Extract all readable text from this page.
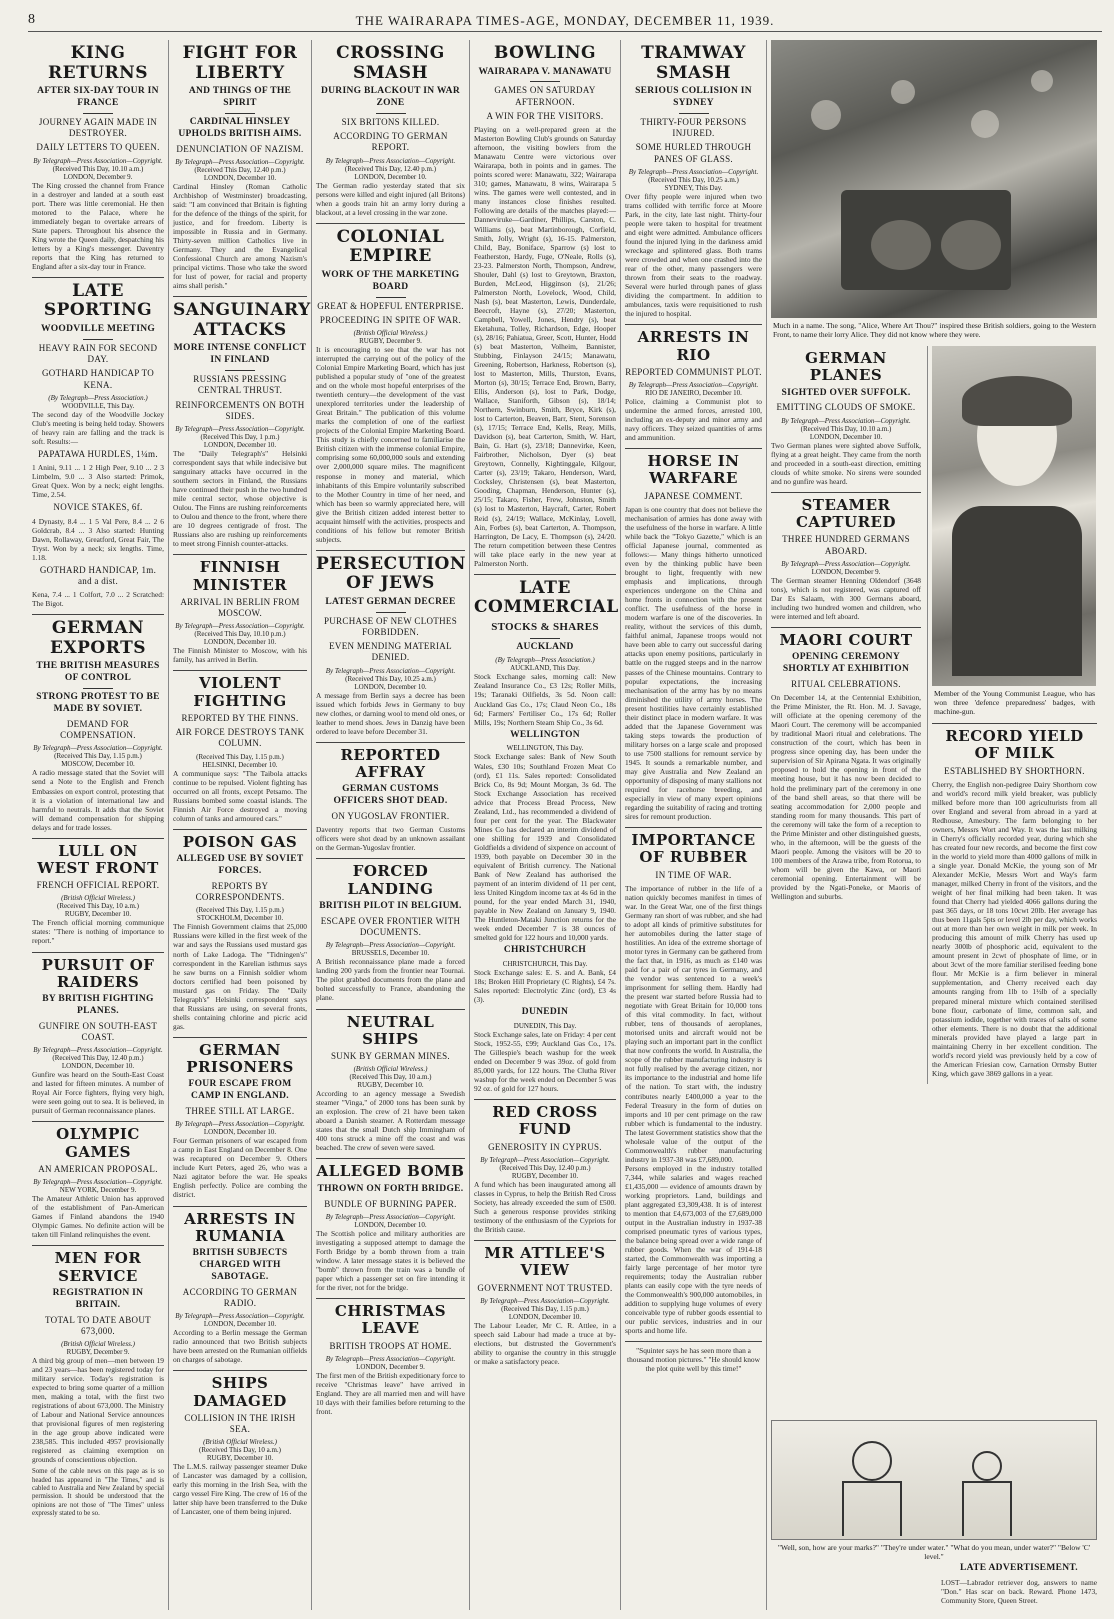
8	THE WAIRARAPA TIMES-AGE, MONDAY, DECEMBER 11, 1939.
KING RETURNS
AFTER SIX-DAY TOUR IN FRANCE
JOURNEY AGAIN MADE IN DESTROYER.
DAILY LETTERS TO QUEEN.
By Telegraph—Press Association—Copyright.
(Received This Day, 10.10 a.m.)
LONDON, December 9.
The King crossed the channel from France in a destroyer and landed at a south east port. There was little ceremonial. He then motored to the Palace, where he immediately began to overtake arrears of State papers. Throughout his absence the King wrote the Queen daily, despatching his letters by a King's messenger. Daventry reports that the King has returned to England after a six-day tour in France.
LATE SPORTING
WOODVILLE MEETING
HEAVY RAIN FOR SECOND DAY.
GOTHARD HANDICAP TO KENA.
(By Telegraph—Press Association.)
WOODVILLE, This Day.
The second day of the Woodville Jockey Club's meeting is being held today. Showers of heavy rain are falling and the track is soft. Results:—
PAPATAWA HURDLES, 1¼m.
1 Anini, 9.11 ... 1 2 High Peer, 9.10 ... 2 3 Limbelm, 9.0 ... 3 Also started: Primok, Great Quex. Won by a neck; eight lengths. Time, 2.54.
NOVICE STAKES, 6f.
4 Dynasty, 8.4 ... 1 5 Val Pere, 8.4 ... 2 6 Goldcrab, 8.4 ... 3 Also started: Hunting Dawn, Rollaway, Greatford, Great Fair, The Tryst. Won by a neck; six lengths. Time, 1.18.
GOTHARD HANDICAP, 1m. and a dist.
Kena, 7.4 ... 1 Colfort, 7.0 ... 2 Scratched: The Bigot.
GERMAN EXPORTS
THE BRITISH MEASURES OF CONTROL
STRONG PROTEST TO BE MADE BY SOVIET.
DEMAND FOR COMPENSATION.
By Telegraph—Press Association—Copyright.
(Received This Day, 1.15 p.m.)
MOSCOW, December 10.
A radio message stated that the Soviet will send a Note to the English and French Embassies on export control, protesting that it is a violation of international law and harmful to neutrals. It adds that the Soviet will demand compensation for shipping delays and for trade losses.
LULL ON WEST FRONT
FRENCH OFFICIAL REPORT.
(British Official Wireless.)
(Received This Day, 10 a.m.)
RUGBY, December 10.
The French official morning communique states: "There is nothing of importance to report."
PURSUIT OF RAIDERS
BY BRITISH FIGHTING PLANES.
GUNFIRE ON SOUTH-EAST COAST.
By Telegraph—Press Association—Copyright.
(Received This Day, 12.40 p.m.)
LONDON, December 10.
Gunfire was heard on the South-East Coast and lasted for fifteen minutes. A number of Royal Air Force fighters, flying very high, were seen going out to sea. It is believed, in pursuit of German reconnaissance planes.
OLYMPIC GAMES
AN AMERICAN PROPOSAL.
By Telegraph—Press Association—Copyright.
NEW YORK, December 9.
The Amateur Athletic Union has approved of the establishment of Pan-American Games if Finland abandons the 1940 Olympic Games. No definite action will be taken till Finland relinquishes the event.
MEN FOR SERVICE
REGISTRATION IN BRITAIN.
TOTAL TO DATE ABOUT 673,000.
(British Official Wireless.)
RUGBY, December 9.
A third big group of men—men between 19 and 23 years—has been registered today for military service. Today's registration is expected to bring some quarter of a million men, making a total, with the first two registrations of about 673,000. The Ministry of Labour and National Service announces that provisional figures of men registering in the age group above indicated were 238,585. This included 4957 provisionally registered as claiming exemption on grounds of conscientious objection.
Some of the cable news on this page as is so headed has appeared in "The Times," and is cabled to Australia and New Zealand by special permission. It should be understood that the opinions are not those of "The Times" unless expressly stated to be so.
FIGHT FOR LIBERTY
AND THINGS OF THE SPIRIT
CARDINAL HINSLEY UPHOLDS BRITISH AIMS.
DENUNCIATION OF NAZISM.
By Telegraph—Press Association—Copyright.
(Received This Day, 12.40 p.m.)
LONDON, December 10.
Cardinal Hinsley (Roman Catholic Archbishop of Westminster) broadcasting, said: "I am convinced that Britain is fighting for the defence of the things of the spirit, for justice, and for freedom. Liberty is impossible in Russia and in Germany. Thirty-seven million Catholics live in Germany. They and the Evangelical Confessional Church are among Nazism's principal victims. Those who take the sword for lust of power, for racial and property aims shall perish."
SANGUINARY ATTACKS
MORE INTENSE CONFLICT IN FINLAND
RUSSIANS PRESSING CENTRAL THRUST.
REINFORCEMENTS ON BOTH SIDES.
By Telegraph—Press Association—Copyright.
(Received This Day, 1 p.m.)
LONDON, December 10.
The "Daily Telegraph's" Helsinki correspondent says that while indecisive but sanguinary attacks have occurred in the southern sectors in Finland, the Russians have continued their push in the two hundred mile central sector, whose objective is Oulou. The Finns are rushing reinforcements to Oulou and thence to the front, where there are 10 degrees centigrade of frost. The Russians also are rushing up reinforcements to meet strong Finnish counter-attacks.
FINNISH MINISTER
ARRIVAL IN BERLIN FROM MOSCOW.
By Telegraph—Press Association—Copyright.
(Received This Day, 10.10 p.m.)
LONDON, December 10.
The Finnish Minister to Moscow, with his family, has arrived in Berlin.
VIOLENT FIGHTING
REPORTED BY THE FINNS.
AIR FORCE DESTROYS TANK COLUMN.
(Received This Day, 1.15 p.m.)
HELSINKI, December 10.
A communique says: "The Taibola attacks continue to be repulsed. Violent fighting has occurred on all fronts, except Petsamo. The Russians bombed some coastal islands. The Finnish Air Force destroyed a moving column of tanks and armoured cars."
POISON GAS
ALLEGED USE BY SOVIET FORCES.
REPORTS BY CORRESPONDENTS.
(Received This Day, 1.15 p.m.)
STOCKHOLM, December 10.
The Finnish Government claims that 25,000 Russians were killed in the first week of the war and says the Russians used mustard gas north of Lake Ladoga. The "Tidningen's" correspondent in the Karelian isthmus says he saw burns on a Finnish soldier whom doctors certified had been poisoned by mustard gas on Friday. The "Daily Telegraph's" Helsinki correspondent says that Russians are using, on several fronts, shells containing chlorine and picric acid gas.
GERMAN PRISONERS
FOUR ESCAPE FROM CAMP IN ENGLAND.
THREE STILL AT LARGE.
By Telegraph—Press Association—Copyright.
LONDON, December 10.
Four German prisoners of war escaped from a camp in East England on December 8. One was recaptured on December 9. Others include Kurt Peters, aged 26, who was a Nazi agitator before the war. He speaks English perfectly. Police are combing the district.
ARRESTS IN RUMANIA
BRITISH SUBJECTS CHARGED WITH SABOTAGE.
ACCORDING TO GERMAN RADIO.
By Telegraph—Press Association—Copyright.
LONDON, December 10.
According to a Berlin message the German radio announced that two British subjects have been arrested on the Rumanian oilfields on charges of sabotage.
SHIPS DAMAGED
COLLISION IN THE IRISH SEA.
(British Official Wireless.)
(Received This Day, 10 a.m.)
RUGBY, December 10.
The L.M.S. railway passenger steamer Duke of Lancaster was damaged by a collision, early this morning in the Irish Sea, with the cargo vessel Fire King. The crew of 16 of the latter ship have been transferred to the Duke of Lancaster, one of them being injured.
CROSSING SMASH
DURING BLACKOUT IN WAR ZONE
SIX BRITONS KILLED.
ACCORDING TO GERMAN REPORT.
By Telegraph—Press Association—Copyright.
(Received This Day, 12.40 p.m.)
LONDON, December 10.
The German radio yesterday stated that six persons were killed and eight injured (all Britons) when a goods train hit an army lorry during a blackout, at a level crossing in the war zone.
COLONIAL EMPIRE
WORK OF THE MARKETING BOARD
GREAT & HOPEFUL ENTERPRISE.
PROCEEDING IN SPITE OF WAR.
(British Official Wireless.)
RUGBY, December 9.
It is encouraging to see that the war has not interrupted the carrying out of the policy of the Colonial Empire Marketing Board, which has just published a popular study of "one of the greatest and on the whole most hopeful enterprises of the twentieth century—the development of the vast unexplored territories under the leadership of Great Britain." The publication of this volume marks the completion of one of the earliest projects of the Colonial Empire Marketing Board. This study is chiefly concerned to familiarise the British citizen with the immense colonial Empire, comprising some 60,000,000 souls and extending over 2,000,000 square miles. The magnificent response in money and material, which inhabitants of this Empire voluntarily subscribed to the Mother Country in time of her need, and which has been so warmly appreciated here, will give the British citizen added interest better to acquaint himself with the activities, prospects and conditions of his fellow but remoter British subjects.
PERSECUTION OF JEWS
LATEST GERMAN DECREE
PURCHASE OF NEW CLOTHES FORBIDDEN.
EVEN MENDING MATERIAL DENIED.
By Telegraph—Press Association—Copyright.
(Received This Day, 10.25 a.m.)
LONDON, December 10.
A message from Berlin says a decree has been issued which forbids Jews in Germany to buy new clothes, or darning wool to mend old ones, or leather to mend shoes. Jews in Danzig have been ordered to leave before December 31.
REPORTED AFFRAY
GERMAN CUSTOMS OFFICERS SHOT DEAD.
ON YUGOSLAV FRONTIER.
Daventry reports that two German Customs officers were shot dead by an unknown assailant on the German-Yugoslav frontier.
FORCED LANDING
BRITISH PILOT IN BELGIUM.
ESCAPE OVER FRONTIER WITH DOCUMENTS.
By Telegraph—Press Association—Copyright.
BRUSSELS, December 10.
A British reconnaissance plane made a forced landing 200 yards from the frontier near Tournai. The pilot grabbed documents from the plane and bolted successfully to France, abandoning the plane.
NEUTRAL SHIPS
SUNK BY GERMAN MINES.
(British Official Wireless.)
(Received This Day, 10 a.m.)
RUGBY, December 10.
According to an agency message a Swedish steamer "Vinga," of 2000 tons has been sunk by an explosion. The crew of 21 have been taken aboard a Danish steamer. A Rotterdam message states that the small Dutch ship Immingham of 400 tons struck a mine off the coast and was beached. The crew of seven were saved.
ALLEGED BOMB
THROWN ON FORTH BRIDGE.
BUNDLE OF BURNING PAPER.
By Telegraph—Press Association—Copyright.
LONDON, December 10.
The Scottish police and military authorities are investigating a supposed attempt to damage the Forth Bridge by a bomb thrown from a train window. A later message states it is believed the "bomb" thrown from the train was a bundle of paper which a passenger set on fire intending it for the river, not for the bridge.
CHRISTMAS LEAVE
BRITISH TROOPS AT HOME.
By Telegraph—Press Association—Copyright.
LONDON, December 9.
The first men of the British expeditionary force to receive "Christmas leave" have arrived in England. They are all married men and will have 10 days with their families before returning to the front.
BOWLING
WAIRARAPA V. MANAWATU
GAMES ON SATURDAY AFTERNOON.
A WIN FOR THE VISITORS.
Playing on a well-prepared green at the Masterton Bowling Club's grounds on Saturday afternoon, the visiting bowlers from the Manawatu Centre were victorious over Wairarapa, both in points and in games. The points scored were: Manawatu, 322; Wairarapa 310; games, Manawatu, 8 wins, Wairarapa 5 wins. The games were well contested, and in many instances close finishes resulted. Following are details of the matches played:—Danneviruke—Gardiner, Phillips, Carston, C. Williams (s), beat Martinborough, Corfield, Smith, Jolly, Wright (s), 16-15. Palmerston, Child, Bay, Boniface, Sparrow (s) lost to Featherston, Hardy, Fuge, O'Neale, Rolls (s), 23-23. Palmerston North, Thompson, Andrew, Shouler, Dahl (s) lost to Greytown, Braxton, Burden, McLeod, Higginson (s), 21/26; Palmerston North, Lovelock, Wood, Child, Nash (s), beat Masterton, Lewis, Dunderdale, Beecroft, Hayne (s), 27/20; Masterton, Campbell, Yowell, Jones, Hendry (s), beat Eketahuna, Tolley, Richardson, Edge, Hooper (s), 28/16; Pahiatua, Greer, Scott, Hunter, Hodd (s) beat Masterton, Volheim, Bannister, Stubbing, Finlayson 24/15; Manawatu, Greening, Robertson, Harkness, Robertson (s), lost to Masterton, Mills, Thurston, Evans, Morton (s), 30/15; Terrace End, Brown, Barry, Ellis, Anderson (s), lost to Park, Dodge, Wallace, Staniforth, Gibson (s), 18/14; Northern, Swinburn, Smith, Bryce, Kirk (s), lost to Carterton, Beaven, Barr, Stent, Sorenson (s), 17/15; Terrace End, Kells, Reay, Mills, Davidson (s), beat Carterton, Smith, W. Hart, Bain, G. Hart (s), 23/18; Dannevirke, Keen, Fairbrother, Nicholson, Dyer (s) beat Greytown, Connelly, Kightinggale, Kilgour, Carter (s), 23/19; Takaro, Henderson, Ward, Cocksley, Christensen (s), beat Masterton, Gooding, Chapman, Henderson, Hunter (s), 25/15; Takaro, Fisher, Frew, Johnston, Smith (s) lost to Masterton, Haycraft, Carter, Robert Reid (s), 24/19; Wallace, McKinlay, Lovell, Ain, Forbes (s), beat Carterton, A. Thompson, Harrington, De Lacy, E. Thompson (s), 24/20. The return competition between these Centres will take place early in the new year at Palmerston North.
LATE COMMERCIAL
STOCKS & SHARES
AUCKLAND
(By Telegraph—Press Association.)
AUCKLAND, This Day.
Stock Exchange sales, morning call: New Zealand Insurance Co., £3 12s; Roller Mills, 19s; Taranaki Oilfields, 3s 5d. Noon call: Auckland Gas Co., 17s; Claud Neon Co., 18s 6d; Farmers' Fertiliser Co., 17s 6d; Roller Mills, 19s; Northern Steam Ship Co., 3s 6d.
WELLINGTON
WELLINGTON, This Day.
Stock Exchange sales: Bank of New South Wales, £30 10s; Southland Frozen Meat Co (ord), £1 11s. Sales reported: Consolidated Brick Co, 8s 9d; Mount Morgan, 3s 6d. The Stock Exchange Association has received advice that Process Bread Process, New Zealand, Ltd., has recommended a dividend of four per cent for the year. The Blackwater Mines Co has declared an interim dividend of one shilling for 1939 and Consolidated Goldfields a dividend of sixpence on account of 1939, both payable on December 30 in the equivalent of British currency. The National Bank of New Zealand has authorised the payment of an interim dividend of 11 per cent, less United Kingdom income tax at 4s 6d in the pound, for the year ended March 31, 1940, payable in New Zealand on January 9, 1940. The Huntleton-Mataki Junction returns for the week ended December 7 is 38 ounces of smelted gold for 122 hours and 10,000 yards.
CHRISTCHURCH
CHRISTCHURCH, This Day.
Stock Exchange sales: E. S. and A. Bank, £4 18s; Broken Hill Proprietary (C Rights), £4 7s. Sales reported: Electrolytic Zinc (ord), £3 4s (3).
DUNEDIN
DUNEDIN, This Day.
Stock Exchange sales, late on Friday: 4 per cent Stock, 1952-55, £99; Auckland Gas Co., 17s. The Gillespie's beach washup for the week ended on December 9 was 39oz. of gold from 85,000 yards, for 122 hours. The Clutha River washup for the week ended on December 5 was 92 oz. of gold for 127 hours.
RED CROSS FUND
GENEROSITY IN CYPRUS.
By Telegraph—Press Association—Copyright.
(Received This Day, 12.40 p.m.)
RUGBY, December 10.
A fund which has been inaugurated among all classes in Cyprus, to help the British Red Cross Society, has already exceeded the sum of £500. Such a generous response provides striking testimony of the enthusiasm of the Cypriots for the British cause.
MR ATTLEE'S VIEW
GOVERNMENT NOT TRUSTED.
By Telegraph—Press Association—Copyright.
(Received This Day, 1.15 p.m.)
LONDON, December 10.
The Labour Leader, Mr C. R. Attlee, in a speech said Labour had made a truce at by-elections, but distrusted the Government's ability to organise the country in this struggle or make a satisfactory peace.
TRAMWAY SMASH
SERIOUS COLLISION IN SYDNEY
THIRTY-FOUR PERSONS INJURED.
SOME HURLED THROUGH PANES OF GLASS.
By Telegraph—Press Association—Copyright.
(Received This Day, 10.25 a.m.)
SYDNEY, This Day.
Over fifty people were injured when two trams collided with terrific force at Moore Park, in the city, late last night. Thirty-four people were taken to hospital for treatment and eight were admitted. Ambulance officers found the injured lying in the darkness amid wreckage and splintered glass. Both trams were crowded and when one crashed into the rear of the other, many passengers were thrown from their seats to the roadway. Several were hurled through panes of glass dividing the compartment. In addition to ambulances, taxis were requisitioned to rush the injured to hospital.
ARRESTS IN RIO
REPORTED COMMUNIST PLOT.
By Telegraph—Press Association—Copyright.
RIO DE JANEIRO, December 10.
Police, claiming a Communist plot to undermine the armed forces, arrested 100, including an ex-deputy and minor army and navy officers. They seized quantities of arms and ammunition.
HORSE IN WARFARE
JAPANESE COMMENT.
Japan is one country that does not believe the mechanisation of armies has done away with the usefulness of the horse in warfare. A little while back the "Tokyo Gazette," which is an official Japanese journal, commented as follows:— Many things hitherto unnoticed even by the thinking public have been brought to light, frequently with new emphasis and implications, through experiences undergone on the China and home fronts in connection with the present conflict. The usefulness of the horse in modern warfare is one of the discoveries. In reality, without the services of this dumb, faithful animal, Japanese troops would not have been able to carry out successful daring attacks upon enemy positions, particularly in battle on the rugged steeps and in the narrow passes of the Chinese mountains. Contrary to popular expectations, the increasing mechanisation of the army has by no means diminished the utility of army horses. The present hostilities have certainly established their distinct place in modern warfare. It was added that the Japanese Government was taking steps towards the production of military horses on a large scale and proposed to use 7500 stallions for remount service by 1945. It sounds a remarkable number, and may give Australia and New Zealand an opportunity of disposing of many stallions not required for racehorse breeding, and especially in view of many expert opinions regarding the suitability of racing and trotting sires for remount production.
IMPORTANCE OF RUBBER
IN TIME OF WAR.
The importance of rubber in the life of a nation quickly becomes manifest in times of war. In the Great War, one of the first things Germany ran short of was rubber, and she had to adopt all kinds of primitive substitutes for her automobiles during the latter stage of hostilities. An idea of the extreme shortage of motor tyres in Germany can be gathered from the fact that, in 1916, as much as £140 was paid for a pair of car tyres in Germany, and the vendor was sentenced to a week's imprisonment for selling them. Hardly had the present war started before Russia had to negotiate with Great Britain for 10,000 tons of this vital commodity. In fact, without rubber, tens of thousands of aeroplanes, motorised units and aircraft would not be playing such an important part in the conflict that now confronts the world. In Australia, the scope of the rubber manufacturing industry is not fully realised by the average citizen, nor its importance to the industrial and home life of the nation. To start with, the industry contributes nearly £400,000 a year to the Federal Treasury in the form of duties on imports and 10 per cent primage on the raw rubber which is fundamental to the industry. The latest Government statistics show that the wholesale value of the output of the Commonwealth's rubber manufacturing industry in 1937-38 was £7,689,000.
Persons employed in the industry totalled 7,344, while salaries and wages reached £1,435,000 — evidence of amounts drawn by working proprietors. Land, buildings and plant aggregated £3,309,438. It is of interest to mention that £4,673,003 of the £7,689,000 output in the Australian industry in 1937-38 comprised pneumatic tyres of various types, the balance being spread over a wide range of rubber goods. When the war of 1914-18 started, the Commonwealth was importing a fairly large percentage of her motor tyre requirements; today the Australian rubber plants can easily cope with the tyre needs of the Commonwealth's 900,000 automobiles, in addition to supplying huge volumes of every conceivable type of rubber goods essential to our public services, industries and in our sports and home life.
"Squinter says he has seen more than a thousand motion pictures." "He should know the plot quite well by this time!"
Much in a name. The song, "Alice, Where Art Thou?" inspired these British soldiers, going to the Western Front, to name their lorry Alice. They did not know where they were.
GERMAN PLANES
SIGHTED OVER SUFFOLK.
EMITTING CLOUDS OF SMOKE.
By Telegraph—Press Association—Copyright.
(Received This Day, 10.10 a.m.)
LONDON, December 10.
Two German planes were sighted above Suffolk, flying at a great height. They came from the north and proceeded in a south-east direction, emitting clouds of white smoke. No sirens were sounded and no gunfire was heard.
STEAMER CAPTURED
THREE HUNDRED GERMANS ABOARD.
By Telegraph—Press Association—Copyright.
LONDON, December 9.
The German steamer Henning Oldendorf (3648 tons), which is not registered, was captured off Dar Es Salaam, with 300 Germans aboard, including two hundred women and children, who were interned and left aboard.
MAORI COURT
OPENING CEREMONY SHORTLY AT EXHIBITION
RITUAL CELEBRATIONS.
On December 14, at the Centennial Exhibition, the Prime Minister, the Rt. Hon. M. J. Savage, will officiate at the opening ceremony of the Maori Court. The ceremony will be accompanied by traditional Maori ritual and celebrations. The construction of the court, which has been in progress since opening day, has been under the supervision of Sir Apirana Ngata. It was originally proposed to hold the opening in front of the meeting house, but it has now been decided to hold the preliminary part of the ceremony in one of the band shell areas, so that there will be seating accommodation for 2,000 people and standing room for many thousands. This part of the ceremony will take the form of a reception to the Prime Minister and other distinguished guests, who, in the afternoon, will be the guests of the Maori people. Among the visitors will be 20 to 100 members of the Arawa tribe, from Rotorua, to whom will be given the Kawa, or Maori ceremonial opening. Entertainment will be provided by the Ngati-Poneke, or Maoris of Wellington and suburbs.
Member of the Young Communist League, who has won three 'defence preparedness' badges, with machine-gun.
RECORD YIELD OF MILK
ESTABLISHED BY SHORTHORN.
Cherry, the English non-pedigree Dairy Shorthorn cow and world's record milk yield breaker, was publicly milked before more than 100 agriculturists from all over England and several from abroad in a yard at Redhouse, Amesbury. The farm belonging to her owners, Messrs Wort and Way. It was the last milking in Cherry's officially recorded year, during which she has created four new records, and become the first cow in the world to yield more than 4000 gallons of milk in a single year. Donald McKie, the young son of Mr Alexander McKie, Messrs Wort and Way's farm manager, milked Cherry in front of the visitors, and the weight of her final milking had been taken. It was found that Cherry had yielded 4066 gallons during the past 365 days, or 18 tons 10cwt 20lb. Her average has thus been 11gals 5pts or level 2lb per day, which works out at more than her own weight in milk per week. In producing this amount of milk Cherry has used up nearly 300lb of phosphoric acid, equivalent to the amount present in 2cwt of phosphate of lime, or in about 3cwt of the more familiar sterilised feeding bone flour. Mr McKie is a firm believer in mineral supplementation, and Cherry received each day amounts ranging from 1lb to 1½lb of a specially prepared mineral mixture which contained sterilised bone flour, carbonate of lime, common salt, and potassium iodide, together with traces of salts of some other elements. There is no doubt that the additional minerals provided have played a large part in maintaining Cherry in her excellent condition. The world's record yield was previously held by a cow of the American Friesian cow, Carnation Ormsby Butter King, which gave 3869 gallons in a year.
"Well, son, how are your marks?" "They're under water." "What do you mean, under water?" "Below 'C' level."
LATE ADVERTISEMENT.
LOST—Labrador retriever dog, answers to name "Don." Has scar on back. Reward. Phone 1473, Community Store, Queen Street.
